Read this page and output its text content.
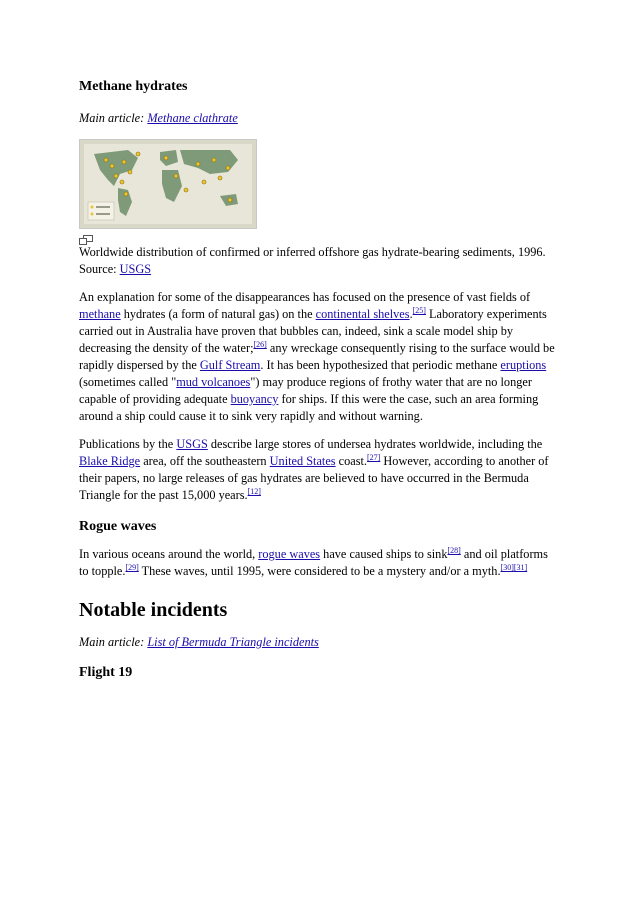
Methane hydrates

Main article: Methane clathrate

Worldwide distribution of confirmed or inferred offshore gas hydrate-bearing sediments, 1996.

Source: USGS

An explanation for some of the disappearances has focused on the presence of vast fields of methane hydrates (a form of natural gas) on the continental shelves.[25] Laboratory experiments carried out in Australia have proven that bubbles can, indeed, sink a scale model ship by decreasing the density of the water;[26] any wreckage consequently rising to the surface would be rapidly dispersed by the Gulf Stream. It has been hypothesized that periodic methane eruptions (sometimes called "mud volcanoes") may produce regions of frothy water that are no longer capable of providing adequate buoyancy for ships. If this were the case, such an area forming around a ship could cause it to sink very rapidly and without warning.

Publications by the USGS describe large stores of undersea hydrates worldwide, including the Blake Ridge area, off the southeastern United States coast.[27] However, according to another of their papers, no large releases of gas hydrates are believed to have occurred in the Bermuda Triangle for the past 15,000 years.[12]

Rogue waves

In various oceans around the world, rogue waves have caused ships to sink[28] and oil platforms to topple.[29] These waves, until 1995, were considered to be a mystery and/or a myth.[30][31]

Notable incidents

Main article: List of Bermuda Triangle incidents

Flight 19
